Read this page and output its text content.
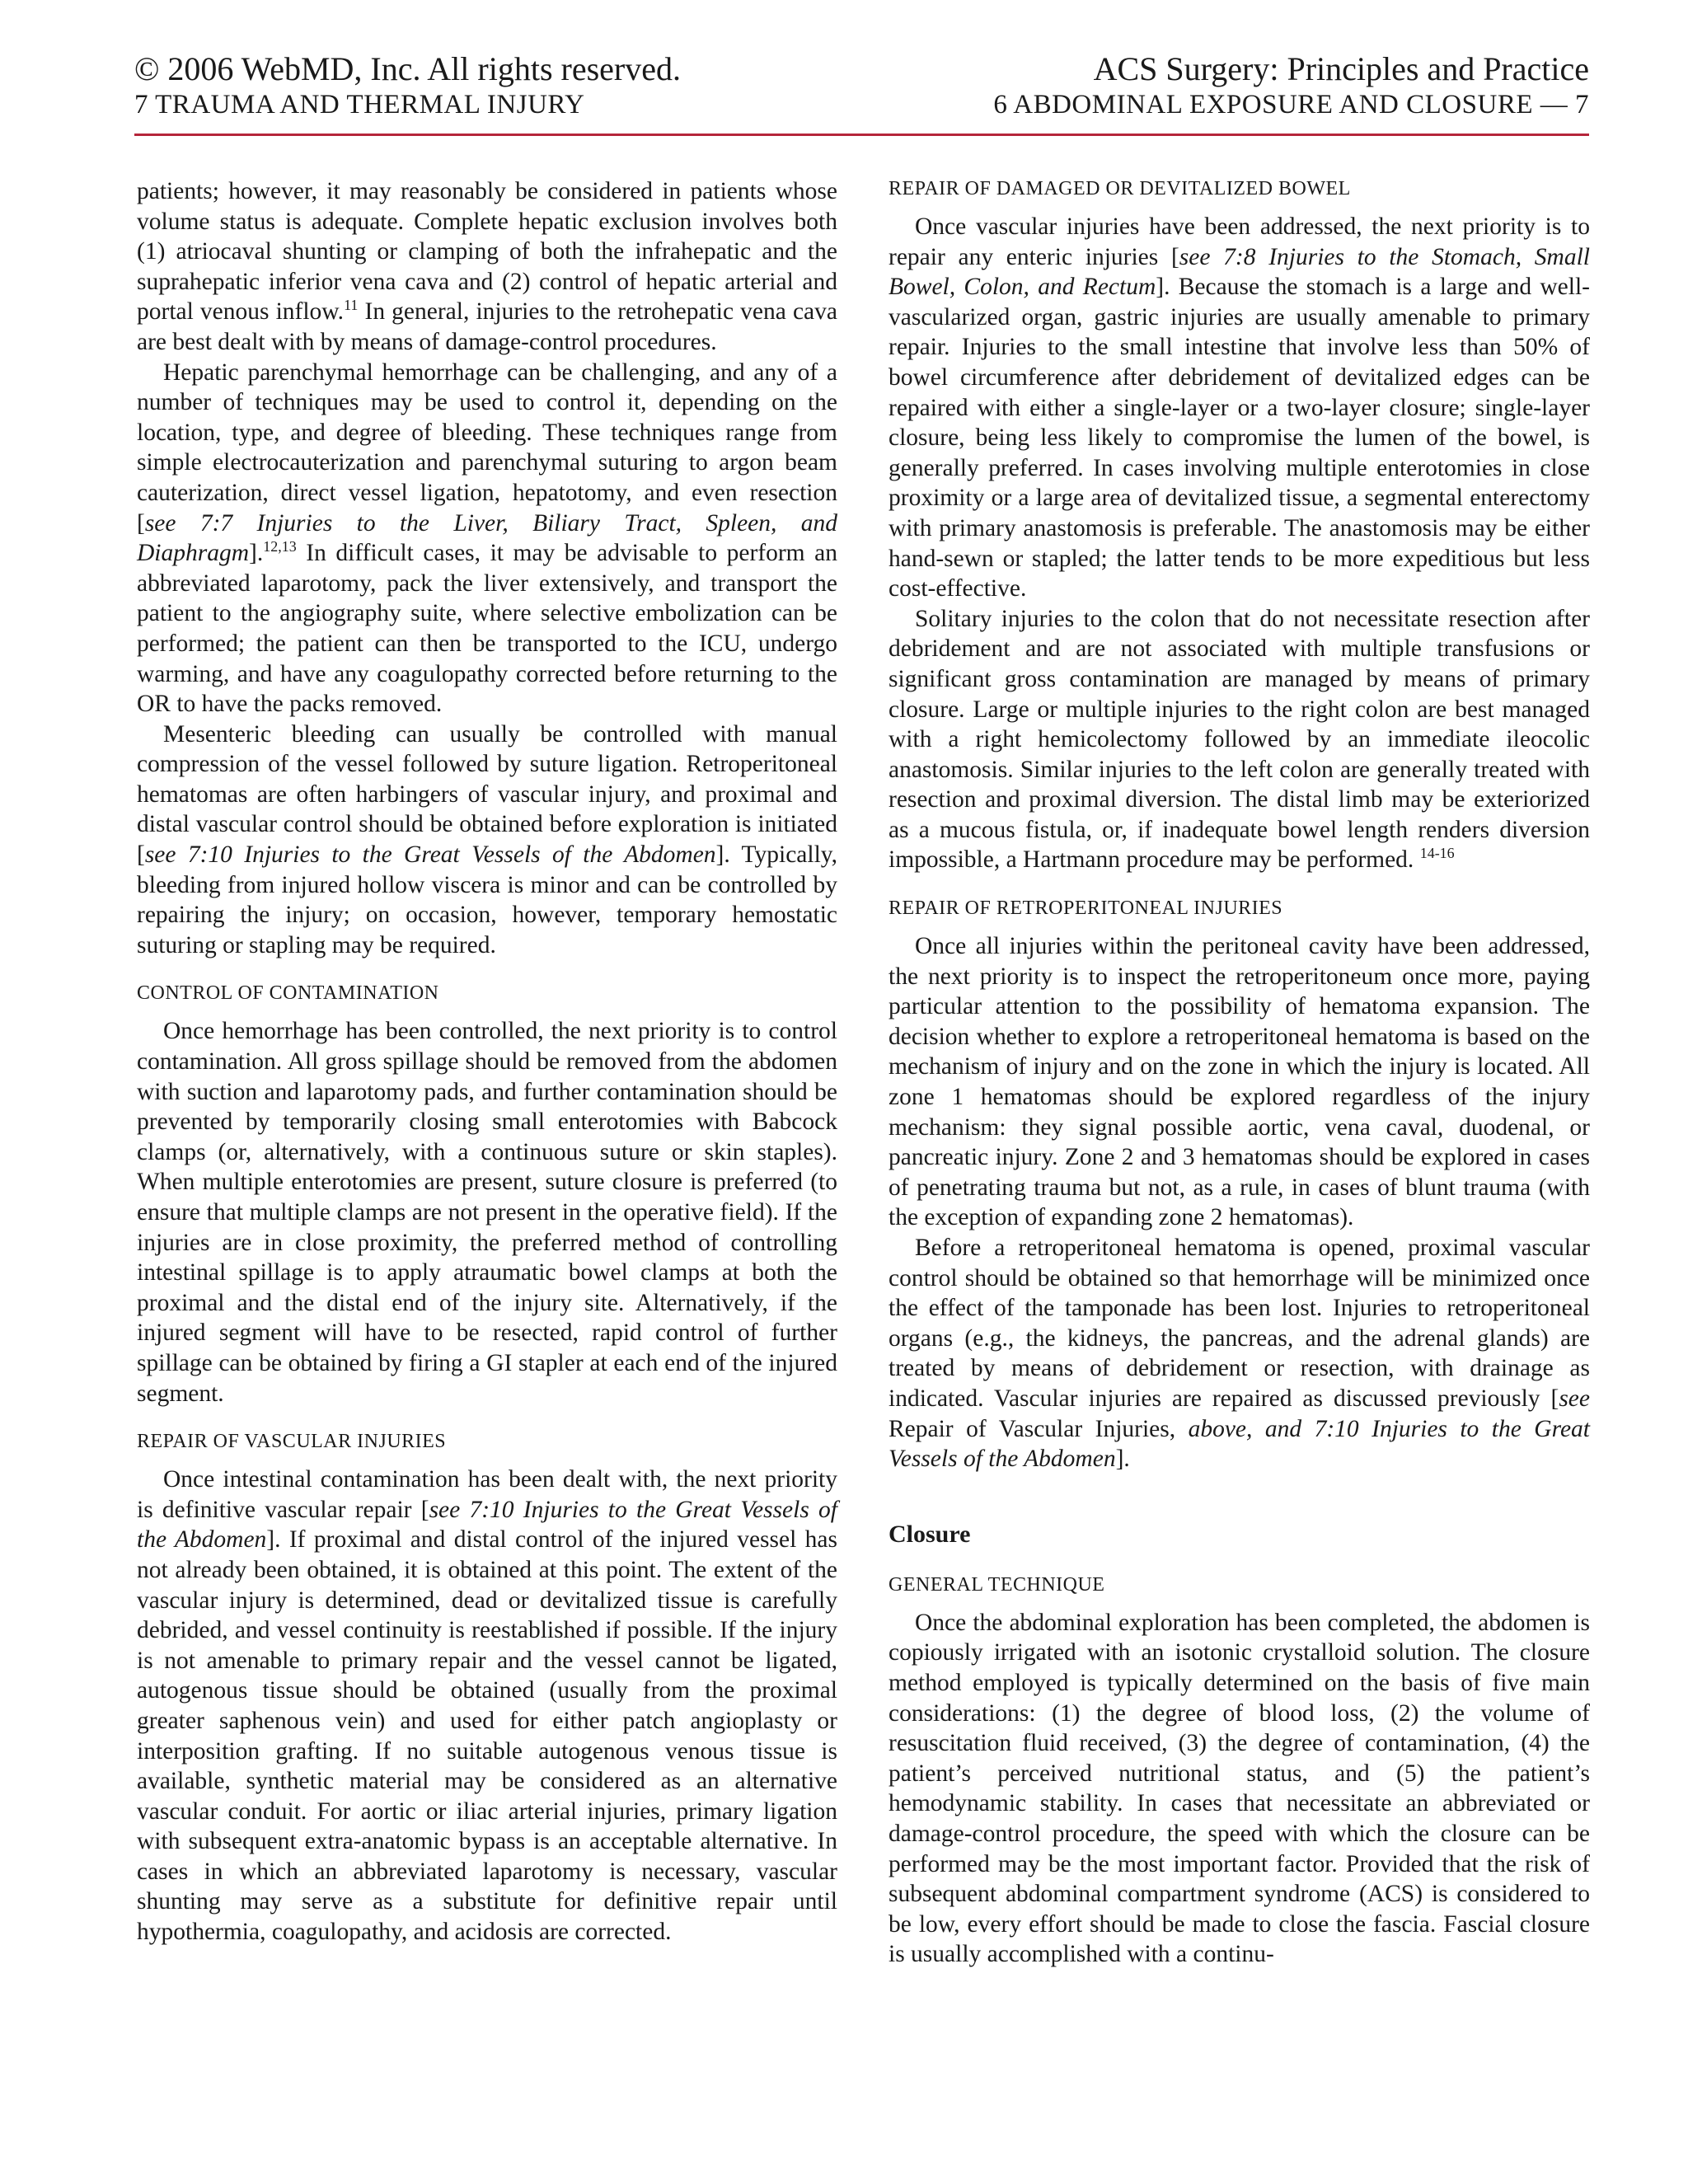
© 2006 WebMD, Inc. All rights reserved.
7 TRAUMA AND THERMAL INJURY
ACS Surgery: Principles and Practice
6 ABDOMINAL EXPOSURE AND CLOSURE — 7

patients; however, it may reasonably be considered in patients whose volume status is adequate. Complete hepatic exclusion involves both (1) atriocaval shunting or clamping of both the infrahepatic and the suprahepatic inferior vena cava and (2) control of hepatic arterial and portal venous inflow.$^{11}$ In general, injuries to the retrohepatic vena cava are best dealt with by means of damage-control procedures.

Hepatic parenchymal hemorrhage can be challenging, and any of a number of techniques may be used to control it, depending on the location, type, and degree of bleeding. These techniques range from simple electrocauterization and parenchymal suturing to argon beam cauterization, direct vessel ligation, hepatotomy, and even resection [see 7:7 Injuries to the Liver, Biliary Tract, Spleen, and Diaphragm].$^{12,13}$ In difficult cases, it may be advisable to perform an abbreviated laparotomy, pack the liver extensively, and transport the patient to the angiography suite, where selective embolization can be performed; the patient can then be transported to the ICU, undergo warming, and have any coagulopathy corrected before returning to the OR to have the packs removed.

Mesenteric bleeding can usually be controlled with manual compression of the vessel followed by suture ligation. Retroperitoneal hematomas are often harbingers of vascular injury, and proximal and distal vascular control should be obtained before exploration is initiated [see 7:10 Injuries to the Great Vessels of the Abdomen]. Typically, bleeding from injured hollow viscera is minor and can be controlled by repairing the injury; on occasion, however, temporary hemostatic suturing or stapling may be required.

CONTROL OF CONTAMINATION

Once hemorrhage has been controlled, the next priority is to control contamination. All gross spillage should be removed from the abdomen with suction and laparotomy pads, and further contamination should be prevented by temporarily closing small enterotomies with Babcock clamps (or, alternatively, with a continuous suture or skin staples). When multiple enterotomies are present, suture closure is preferred (to ensure that multiple clamps are not present in the operative field). If the injuries are in close proximity, the preferred method of controlling intestinal spillage is to apply atraumatic bowel clamps at both the proximal and the distal end of the injury site. Alternatively, if the injured segment will have to be resected, rapid control of further spillage can be obtained by firing a GI stapler at each end of the injured segment.

REPAIR OF VASCULAR INJURIES

Once intestinal contamination has been dealt with, the next priority is definitive vascular repair [see 7:10 Injuries to the Great Vessels of the Abdomen]. If proximal and distal control of the injured vessel has not already been obtained, it is obtained at this point. The extent of the vascular injury is determined, dead or devitalized tissue is carefully debrided, and vessel continuity is reestablished if possible. If the injury is not amenable to primary repair and the vessel cannot be ligated, autogenous tissue should be obtained (usually from the proximal greater saphenous vein) and used for either patch angioplasty or interposition grafting. If no suitable autogenous venous tissue is available, synthetic material may be considered as an alternative vascular conduit. For aortic or iliac arterial injuries, primary ligation with subsequent extra-anatomic bypass is an acceptable alternative. In cases in which an abbreviated laparotomy is necessary, vascular shunting may serve as a substitute for definitive repair until hypothermia, coagulopathy, and acidosis are corrected.

REPAIR OF DAMAGED OR DEVITALIZED BOWEL

Once vascular injuries have been addressed, the next priority is to repair any enteric injuries [see 7:8 Injuries to the Stomach, Small Bowel, Colon, and Rectum]. Because the stomach is a large and well-vascularized organ, gastric injuries are usually amenable to primary repair. Injuries to the small intestine that involve less than 50% of bowel circumference after debridement of devitalized edges can be repaired with either a single-layer or a two-layer closure; single-layer closure, being less likely to compromise the lumen of the bowel, is generally preferred. In cases involving multiple enterotomies in close proximity or a large area of devitalized tissue, a segmental enterectomy with primary anastomosis is preferable. The anastomosis may be either hand-sewn or stapled; the latter tends to be more expeditious but less cost-effective.

Solitary injuries to the colon that do not necessitate resection after debridement and are not associated with multiple transfusions or significant gross contamination are managed by means of primary closure. Large or multiple injuries to the right colon are best managed with a right hemicolectomy followed by an immediate ileocolic anastomosis. Similar injuries to the left colon are generally treated with resection and proximal diversion. The distal limb may be exteriorized as a mucous fistula, or, if inadequate bowel length renders diversion impossible, a Hartmann procedure may be performed. $^{14-16}$

REPAIR OF RETROPERITONEAL INJURIES

Once all injuries within the peritoneal cavity have been addressed, the next priority is to inspect the retroperitoneum once more, paying particular attention to the possibility of hematoma expansion. The decision whether to explore a retroperitoneal hematoma is based on the mechanism of injury and on the zone in which the injury is located. All zone 1 hematomas should be explored regardless of the injury mechanism: they signal possible aortic, vena caval, duodenal, or pancreatic injury. Zone 2 and 3 hematomas should be explored in cases of penetrating trauma but not, as a rule, in cases of blunt trauma (with the exception of expanding zone 2 hematomas).

Before a retroperitoneal hematoma is opened, proximal vascular control should be obtained so that hemorrhage will be minimized once the effect of the tamponade has been lost. Injuries to retroperitoneal organs (e.g., the kidneys, the pancreas, and the adrenal glands) are treated by means of debridement or resection, with drainage as indicated. Vascular injuries are repaired as discussed previously [see Repair of Vascular Injuries, above, and 7:10 Injuries to the Great Vessels of the Abdomen].

Closure
GENERAL TECHNIQUE

Once the abdominal exploration has been completed, the abdomen is copiously irrigated with an isotonic crystalloid solution. The closure method employed is typically determined on the basis of five main considerations: (1) the degree of blood loss, (2) the volume of resuscitation fluid received, (3) the degree of contamination, (4) the patient’s perceived nutritional status, and (5) the patient’s hemodynamic stability. In cases that necessitate an abbreviated or damage-control procedure, the speed with which the closure can be performed may be the most important factor. Provided that the risk of subsequent abdominal compartment syndrome (ACS) is considered to be low, every effort should be made to close the fascia. Fascial closure is usually accomplished with a continu-
